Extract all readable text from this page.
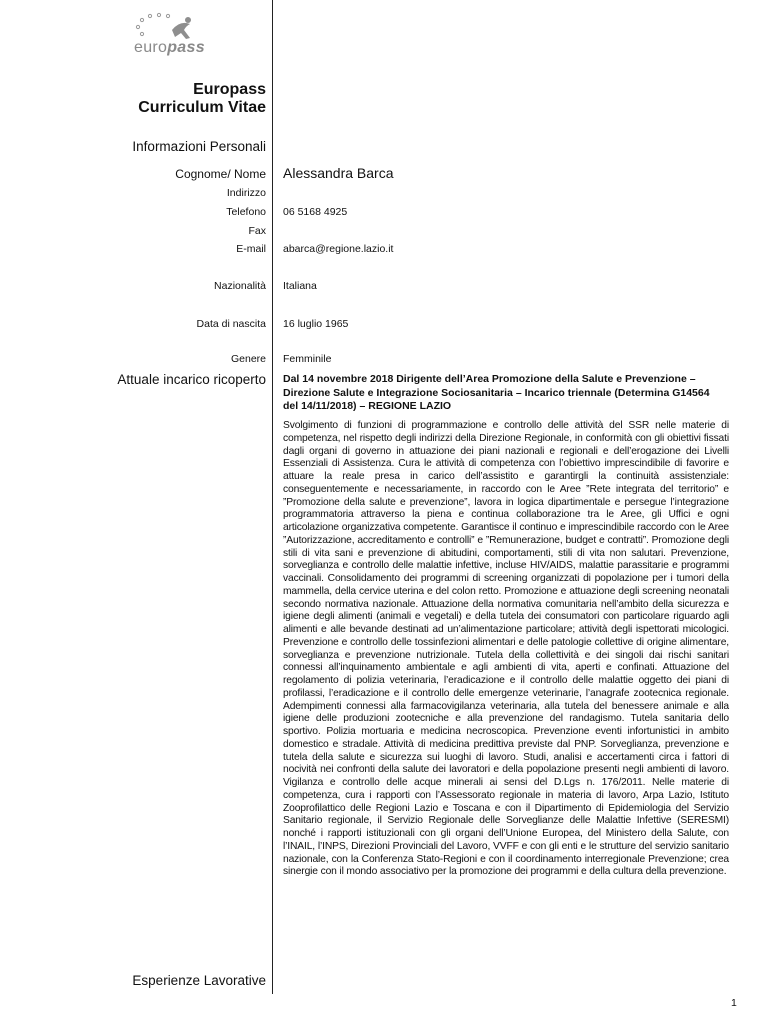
europass
Europass
Curriculum Vitae
Informazioni Personali
Cognome/ Nome Alessandra Barca
Indirizzo
Telefono 06 5168 4925
Fax
E-mail abarca@regione.lazio.it
Nazionalità Italiana
Data di nascita 16 luglio 1965
Genere Femminile
Attuale incarico ricoperto Dal 14 novembre 2018 Dirigente dell’Area Promozione della Salute e Prevenzione – Direzione Salute e Integrazione Sociosanitaria – Incarico triennale (Determina G14564 del 14/11/2018) – REGIONE LAZIO
Svolgimento di funzioni di programmazione e controllo delle attività del SSR nelle materie di competenza, nel rispetto degli indirizzi della Direzione Regionale, in conformità con gli obiettivi fissati dagli organi di governo in attuazione dei piani nazionali e regionali e dell’erogazione dei Livelli Essenziali di Assistenza. Cura le attività di competenza con l’obiettivo imprescindibile di favorire e attuare la reale presa in carico dell’assistito e garantirgli la continuità assistenziale: conseguentemente e necessariamente, in raccordo con le Aree ”Rete integrata del territorio” e ”Promozione della salute e prevenzione”, lavora in logica dipartimentale e persegue l’integrazione programmatoria attraverso la piena e continua collaborazione tra le Aree, gli Uffici e ogni articolazione organizzativa competente. Garantisce il continuo e imprescindibile raccordo con le Aree ”Autorizzazione, accreditamento e controlli” e ”Remunerazione, budget e contratti”. Promozione degli stili di vita sani e prevenzione di abitudini, comportamenti, stili di vita non salutari. Prevenzione, sorveglianza e controllo delle malattie infettive, incluse HIV/AIDS, malattie parassitarie e programmi vaccinali. Consolidamento dei programmi di screening organizzati di popolazione per i tumori della mammella, della cervice uterina e del colon retto. Promozione e attuazione degli screening neonatali secondo normativa nazionale. Attuazione della normativa comunitaria nell’ambito della sicurezza e igiene degli alimenti (animali e vegetali) e della tutela dei consumatori con particolare riguardo agli alimenti e alle bevande destinati ad un’alimentazione particolare; attività degli ispettorati micologici. Prevenzione e controllo delle tossinfezioni alimentari e delle patologie collettive di origine alimentare, sorveglianza e prevenzione nutrizionale. Tutela della collettività e dei singoli dai rischi sanitari connessi all’inquinamento ambientale e agli ambienti di vita, aperti e confinati. Attuazione del regolamento di polizia veterinaria, l’eradicazione e il controllo delle malattie oggetto dei piani di profilassi, l’eradicazione e il controllo delle emergenze veterinarie, l’anagrafe zootecnica regionale. Adempimenti connessi alla farmacovigilanza veterinaria, alla tutela del benessere animale e alla igiene delle produzioni zootecniche e alla prevenzione del randagismo. Tutela sanitaria dello sportivo. Polizia mortuaria e medicina necroscopica. Prevenzione eventi infortunistici in ambito domestico e stradale. Attività di medicina predittiva previste dal PNP. Sorveglianza, prevenzione e tutela della salute e sicurezza sui luoghi di lavoro. Studi, analisi e accertamenti circa i fattori di nocività nei confronti della salute dei lavoratori e della popolazione presenti negli ambienti di lavoro. Vigilanza e controllo delle acque minerali ai sensi del D.Lgs n. 176/2011. Nelle materie di competenza, cura i rapporti con l’Assessorato regionale in materia di lavoro, Arpa Lazio, Istituto Zooprofilattico delle Regioni Lazio e Toscana e con il Dipartimento di Epidemiologia del Servizio Sanitario regionale, il Servizio Regionale delle Sorveglianze delle Malattie Infettive (SERESMI) nonché i rapporti istituzionali con gli organi dell’Unione Europea, del Ministero della Salute, con l’INAIL, l’INPS, Direzioni Provinciali del Lavoro, VVFF e con gli enti e le strutture del servizio sanitario nazionale, con la Conferenza Stato-Regioni e con il coordinamento interregionale Prevenzione; crea sinergie con il mondo associativo per la promozione dei programmi e della cultura della prevenzione.
Esperienze Lavorative
1
